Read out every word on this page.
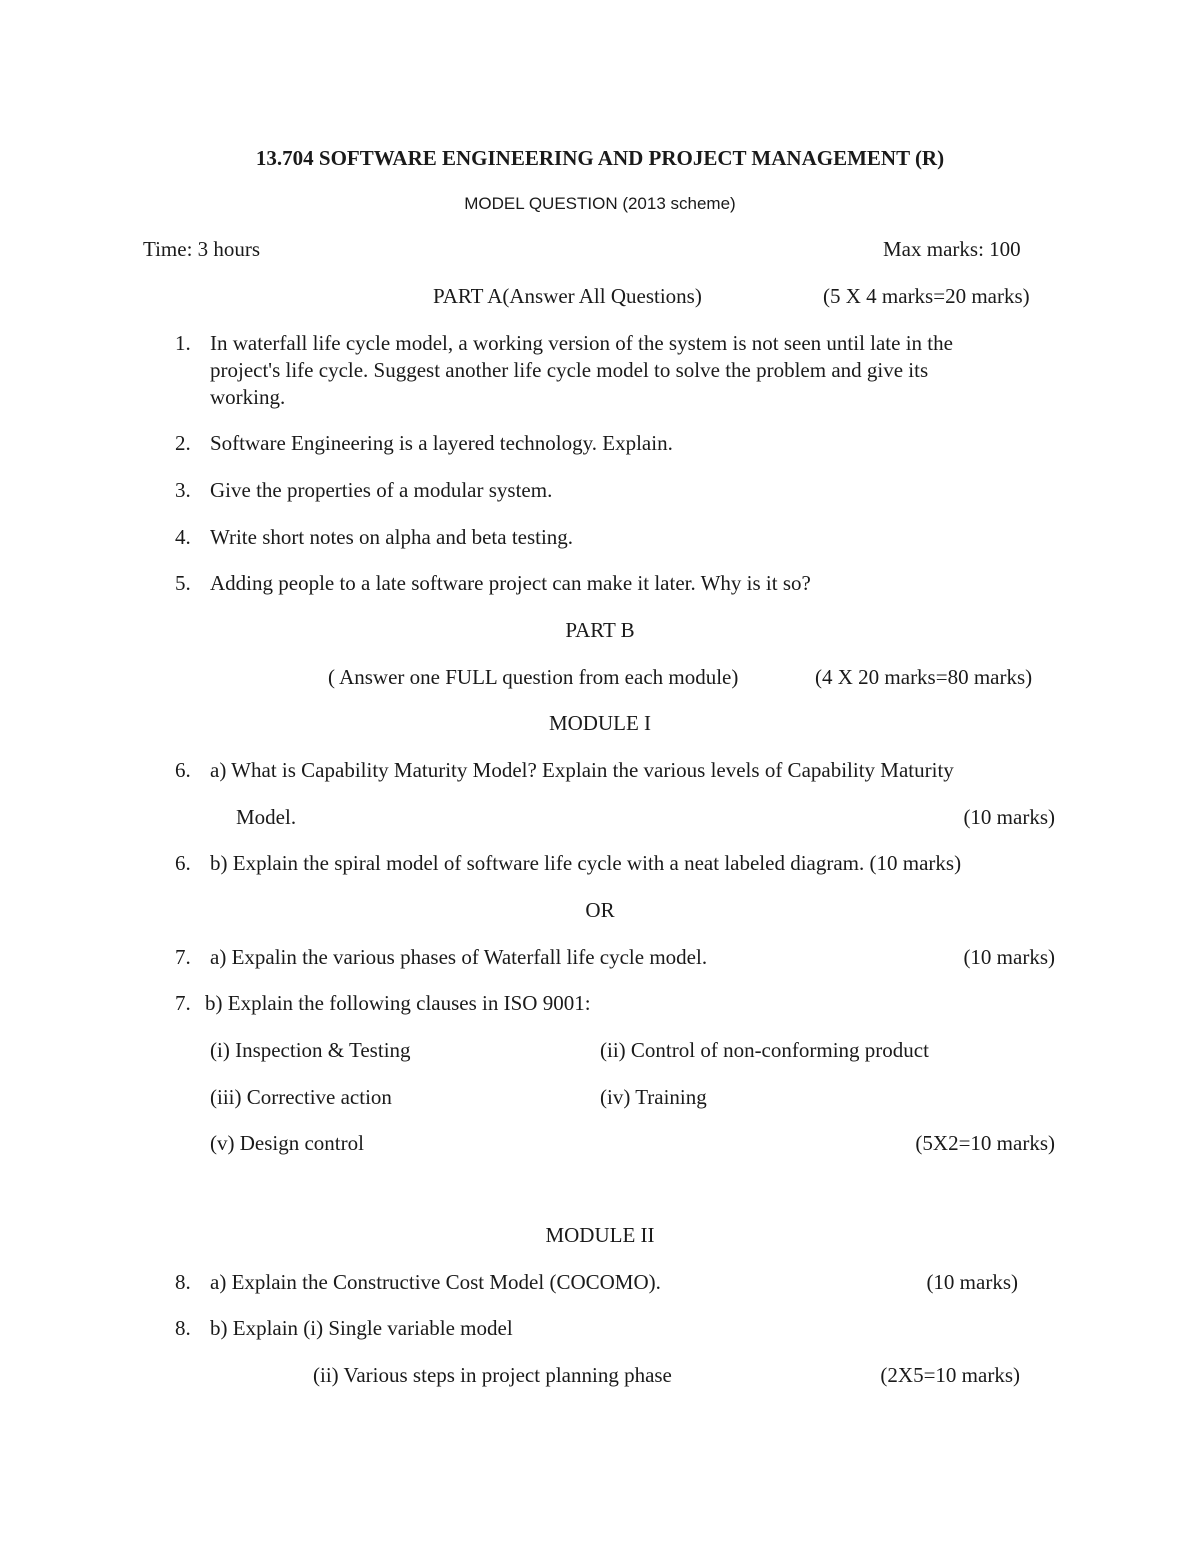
13.704 SOFTWARE ENGINEERING AND PROJECT MANAGEMENT (R)
MODEL QUESTION (2013 scheme)
Time: 3 hours	Max marks: 100
PART A(Answer All Questions)	(5 X 4 marks=20 marks)
1. In waterfall life cycle model, a working version of the system is not seen until late in the
project's life cycle. Suggest another life cycle model to solve the problem and give its
working.
2. Software Engineering is a layered technology. Explain.
3. Give the properties of a modular system.
4. Write short notes on alpha and beta testing.
5. Adding people to a late software project can make it later. Why is it so?
PART B
( Answer one FULL question from each module)	(4 X 20 marks=80 marks)
MODULE I
6. a) What is Capability Maturity Model? Explain the various levels of Capability Maturity
Model.	(10 marks)
6. b) Explain the spiral model of software life cycle with a neat labeled diagram. (10 marks)
OR
7. a) Expalin the various phases of Waterfall life cycle model.	(10 marks)
7. b) Explain the following clauses in ISO 9001:
(i) Inspection & Testing	(ii) Control of non-conforming product
(iii) Corrective action	(iv) Training
(v) Design control	(5X2=10 marks)
MODULE II
8. a) Explain the Constructive Cost Model (COCOMO).	(10 marks)
8. b) Explain (i) Single variable model
(ii) Various steps in project planning phase	(2X5=10 marks)
